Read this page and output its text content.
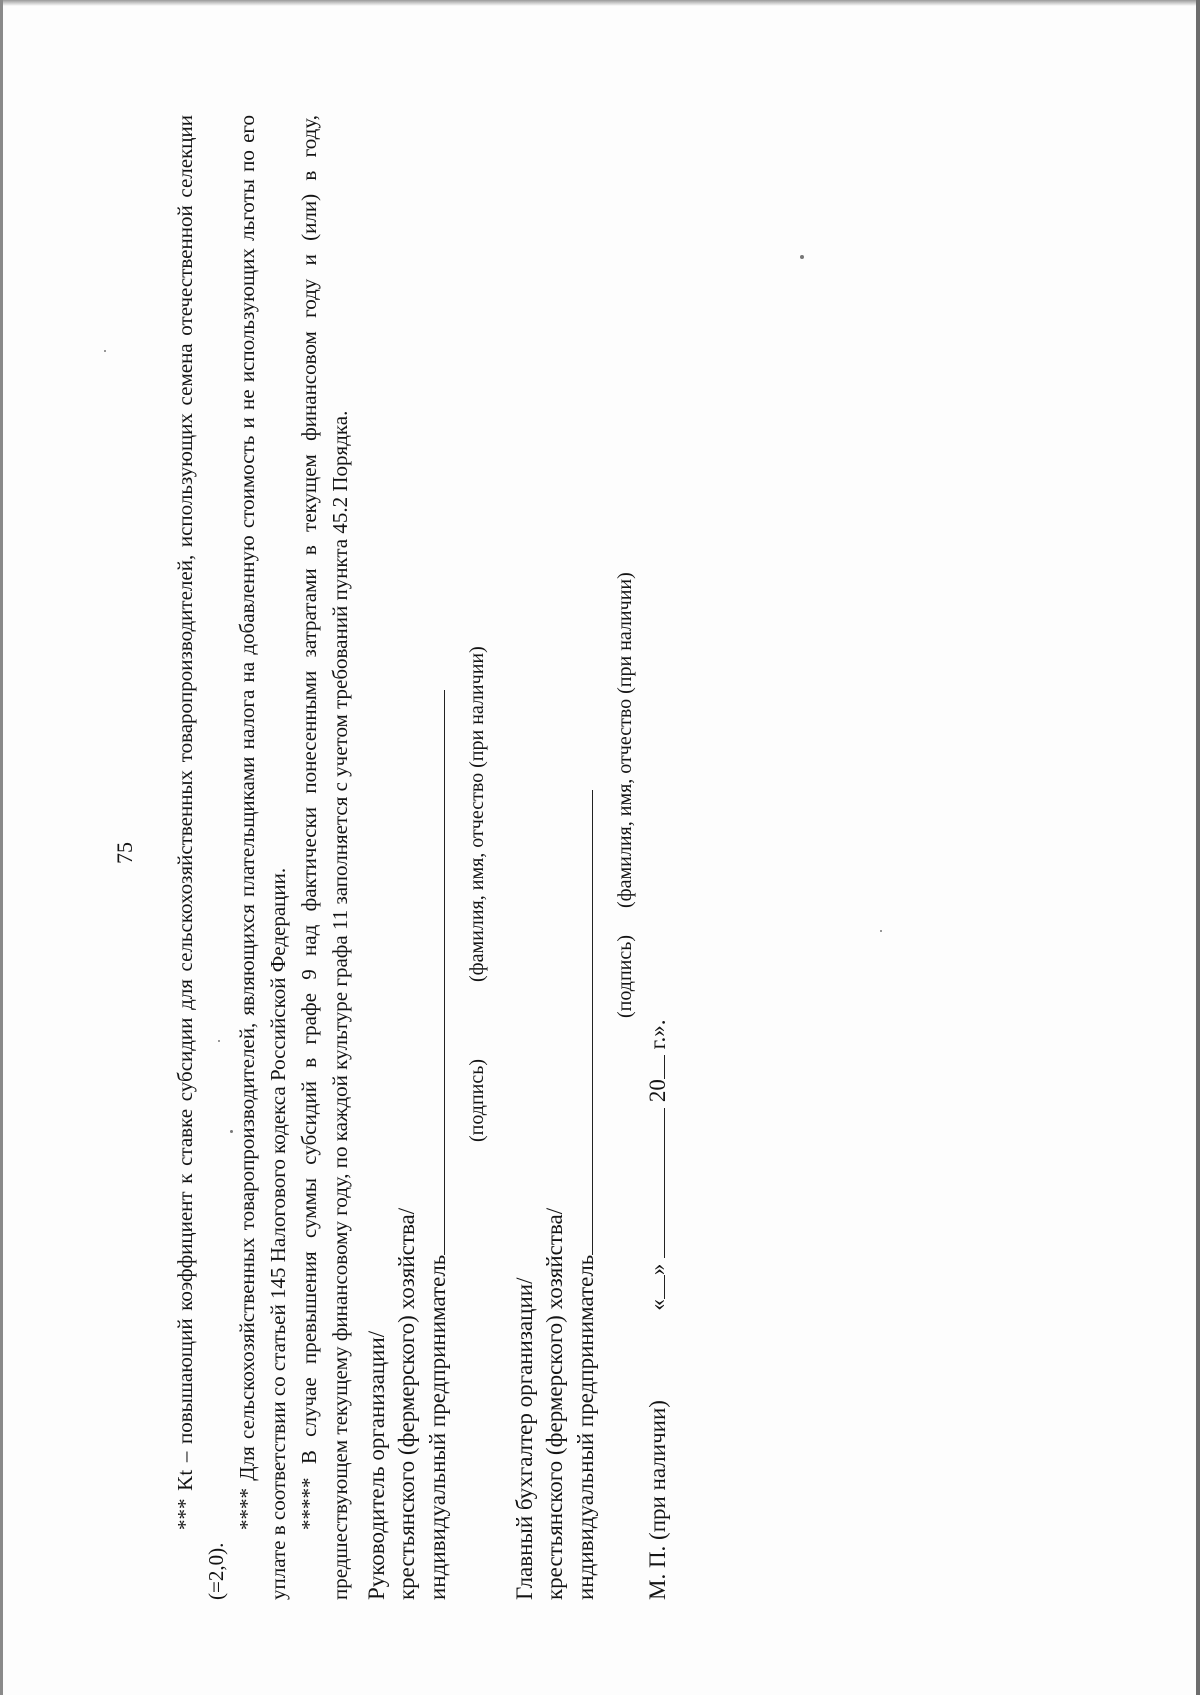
75 *** Kt – повышающий коэффициент к ставке субсидии для сельскохозяйственных товаропроизводителей, использующих семена отечественной селекции (=2,0).

**** Для сельскохозяйственных товаропроизводителей, являющихся плательщиками налога на добавленную стоимость и не использующих льготы по его уплате в соответствии со статьей 145 Налогового кодекса Российской Федерации. ***** В случае превышения суммы субсидий в графе 9 над фактически понесенными затратами в текущем финансовом году и (или) в году, предшествующем текущему финансовому году, по каждой культуре графа 11 заполняется с учетом требований пункта 45.2 Порядка. Руководитель организации/ крестьянского (фермерского) хозяйства/ индивидуальный предприниматель
(подпись)
(фамилия, имя, отчество (при наличии)
Главный бухгалтер организации/ крестьянского (фермерского) хозяйства/ индивидуальный предприниматель
(подпись)
(фамилия, имя, отчество (при наличии)
М. П. (при наличии)  «»  20 г.».
